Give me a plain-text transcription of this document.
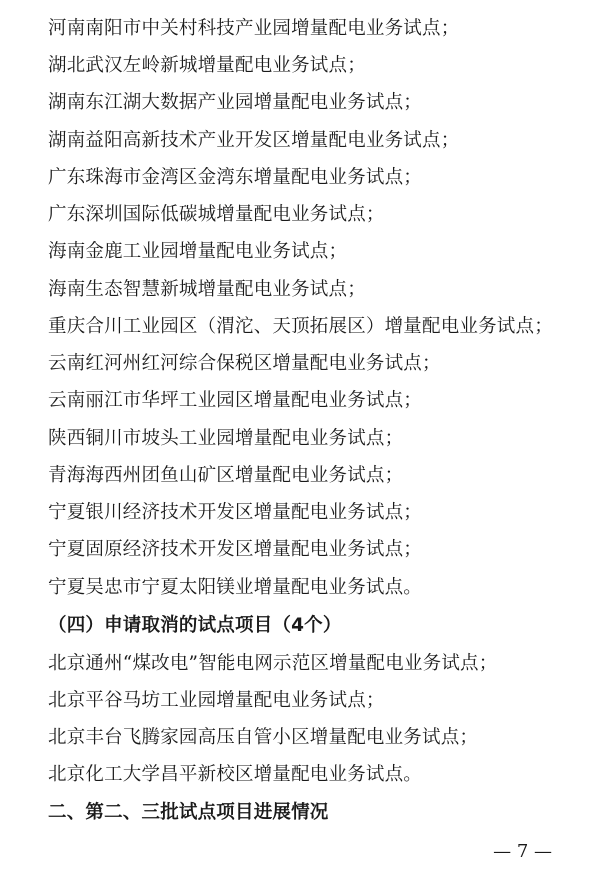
河南南阳市中关村科技产业园增量配电业务试点；
湖北武汉左岭新城增量配电业务试点；
湖南东江湖大数据产业园增量配电业务试点；
湖南益阳高新技术产业开发区增量配电业务试点；
广东珠海市金湾区金湾东增量配电业务试点；
广东深圳国际低碳城增量配电业务试点；
海南金鹿工业园增量配电业务试点；
海南生态智慧新城增量配电业务试点；
重庆合川工业园区（渭沱、天顶拓展区）增量配电业务试点；
云南红河州红河综合保税区增量配电业务试点；
云南丽江市华坪工业园区增量配电业务试点；
陕西铜川市坡头工业园增量配电业务试点；
青海海西州团鱼山矿区增量配电业务试点；
宁夏银川经济技术开发区增量配电业务试点；
宁夏固原经济技术开发区增量配电业务试点；
宁夏吴忠市宁夏太阳镁业增量配电业务试点。
（四）申请取消的试点项目（4个）
北京通州“煤改电”智能电网示范区增量配电业务试点；
北京平谷马坊工业园增量配电业务试点；
北京丰台飞腾家园高压自管小区增量配电业务试点；
北京化工大学昌平新校区增量配电业务试点。
二、第二、三批试点项目进展情况
— 7 —
